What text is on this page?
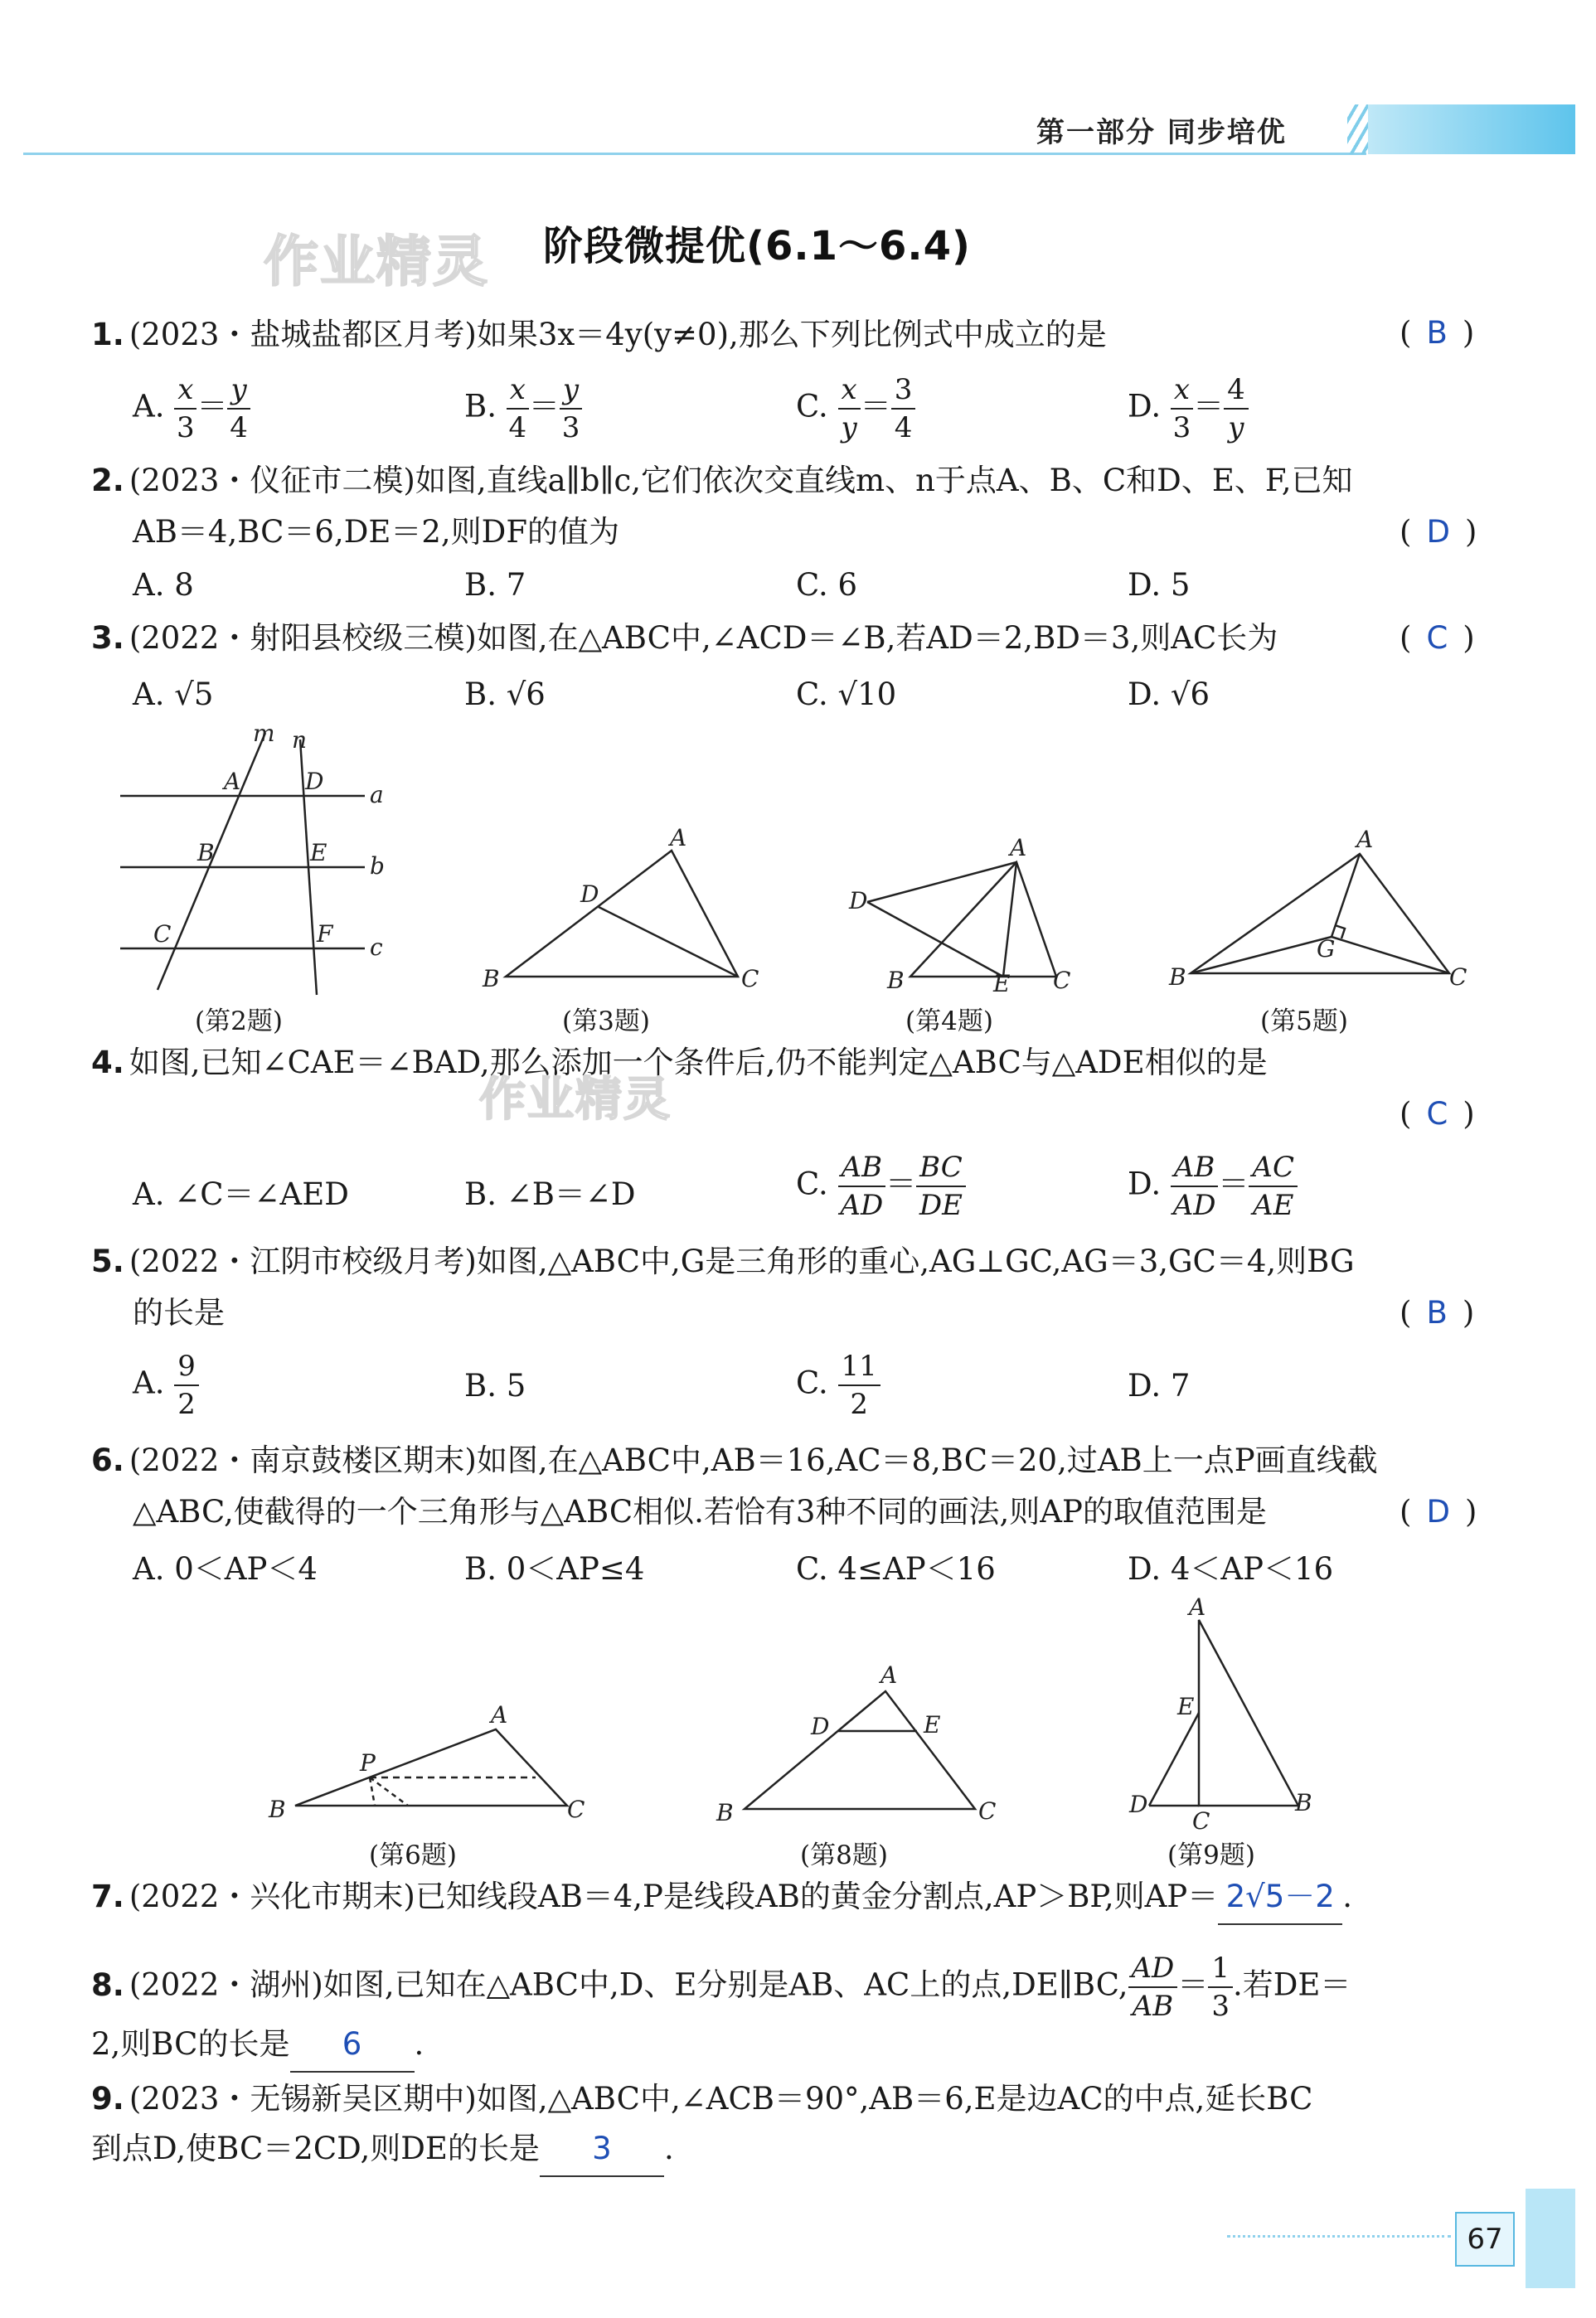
第一部分 同步培优
作业精灵
作业精灵
阶段微提优(6.1～6.4)
1. (2023・盐城盐都区月考)如果3x＝4y(y≠0),那么下列比例式中成立的是	( B )
A. $\frac{x}{3} = \frac{y}{4}$	B. $\frac{x}{4} = \frac{y}{3}$	C. $\frac{x}{y}= \frac{3}{4}$	D. $\frac{x}{3} = \frac{4}{y}$
2. (2023・仪征市二模)如图,直线a∥b∥c,它们依次交直线m、n于点A、B、C和D、E、F,已知
AB＝4,BC＝6,DE＝2,则DF的值为	( D )
A. 8	B. 7	C. 6	D. 5
3. (2022・射阳县校级三模)如图,在△ABC中,∠ACD＝∠B,若AD＝2,BD＝3,则AC长为	( C )
A. √5	B. √6	C. √10	D. √6
m n
a
b
c
A
B
C
D
E
F
(第2题)
A
B	C
D
(第3题)
A
B	C
D
E
(第4题)
A
B	C
G
(第5题)
4. 如图,已知∠CAE＝∠BAD,那么添加一个条件后,仍不能判定△ABC与△ADE相似的是
( C )
A. ∠C＝∠AED	B. ∠B＝∠D	C. $\frac{AB}{AD}= \frac{BC}{DE}$	D. $\frac{AB}{AD}= \frac{AC}{AE}$
5. (2022・江阴市校级月考)如图,△ABC中,G是三角形的重心,AG⊥GC,AG＝3,GC＝4,则BG
的长是	( B )
A. $\frac{9}{2}$	B. 5	C. $\frac{11}{2}$	D. 7
6. (2022・南京鼓楼区期末)如图,在△ABC中,AB＝16,AC＝8,BC＝20,过AB上一点P画直线截
△ABC,使截得的一个三角形与△ABC相似.若恰有3种不同的画法,则AP的取值范围是	( D )
A. 0＜AP＜4	B. 0＜AP≤4	C. 4≤AP＜16	D. 4＜AP＜16
A
B	C
P
(第6题)
A
B	C
D	E
(第8题)
A
B
C
D
E
(第9题)
7. (2022・兴化市期末)已知线段AB＝4,P是线段AB的黄金分割点,AP＞BP,则AP＝ 2√5－2 .
8. (2022・湖州)如图,已知在△ABC中,D、E分别是AB、AC上的点,DE∥BC, $\frac{AD}{AB}= \frac{1}{3}$ .若DE＝
2,则BC的长是 6 .
9. (2023・无锡新吴区期中)如图,△ABC中,∠ACB＝90°,AB＝6,E是边AC的中点,延长BC
到点D,使BC＝2CD,则DE的长是 3 .
67
